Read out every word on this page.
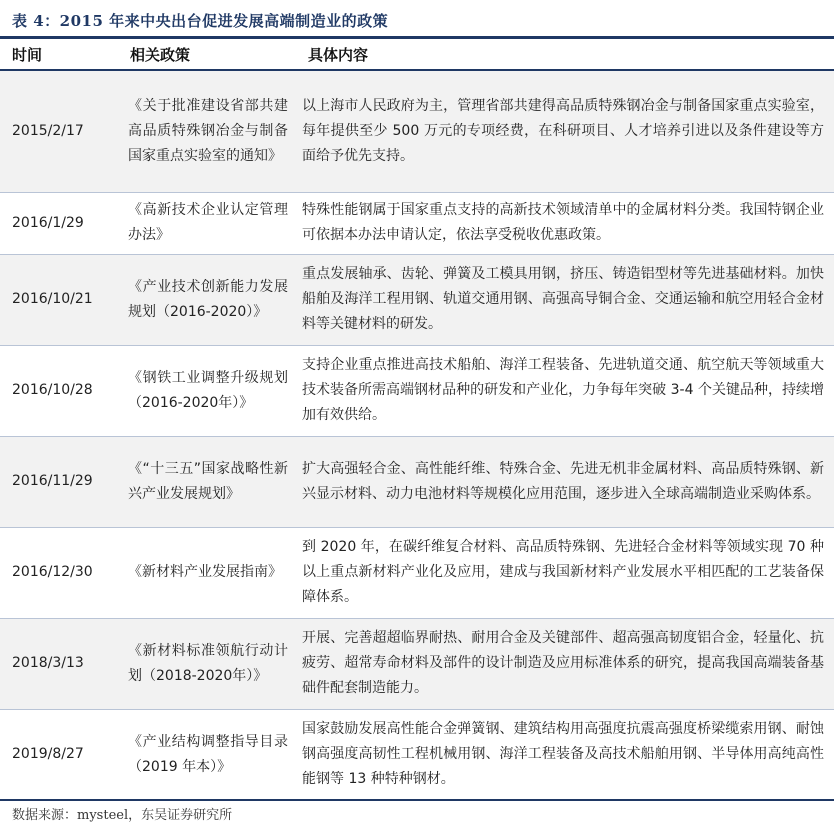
表 4：2015 年来中央出台促进发展高端制造业的政策
时间	相关政策	具体内容
2015/2/17	《关于批准建设省部共建高品质特殊钢冶金与制备国家重点实验室的通知》	以上海市人民政府为主，管理省部共建得高品质特殊钢冶金与制备国家重点实验室，每年提供至少 500 万元的专项经费，在科研项目、人才培养引进以及条件建设等方面给予优先支持。

2016/1/29	《高新技术企业认定管理办法》	特殊性能钢属于国家重点支持的高新技术领域清单中的金属材料分类。我国特钢企业可依据本办法申请认定，依法享受税收优惠政策。

2016/10/21	《产业技术创新能力发展规划（2016-2020）》	重点发展轴承、齿轮、弹簧及工模具用钢，挤压、铸造铝型材等先进基础材料。加快船舶及海洋工程用钢、轨道交通用钢、高强高导铜合金、交通运输和航空用轻合金材料等关键材料的研发。

2016/10/28	《钢铁工业调整升级规划（2016-2020年）》	支持企业重点推进高技术船舶、海洋工程装备、先进轨道交通、航空航天等领域重大技术装备所需高端钢材品种的研发和产业化，力争每年突破 3-4 个关键品种，持续增加有效供给。

2016/11/29	《“十三五”国家战略性新兴产业发展规划》	扩大高强轻合金、高性能纤维、特殊合金、先进无机非金属材料、高品质特殊钢、新兴显示材料、动力电池材料等规模化应用范围，逐步进入全球高端制造业采购体系。

2016/12/30	《新材料产业发展指南》	到 2020 年，在碳纤维复合材料、高品质特殊钢、先进轻合金材料等领域实现 70 种以上重点新材料产业化及应用，建成与我国新材料产业发展水平相匹配的工艺装备保障体系。

2018/3/13	《新材料标准领航行动计划（2018-2020年）》	开展、完善超超临界耐热、耐用合金及关键部件、超高强高韧度铝合金，轻量化、抗疲劳、超常寿命材料及部件的设计制造及应用标准体系的研究，提高我国高端装备基础件配套制造能力。

2019/8/27	《产业结构调整指导目录（2019 年本）》	国家鼓励发展高性能合金弹簧钢、建筑结构用高强度抗震高强度桥梁缆索用钢、耐蚀钢高强度高韧性工程机械用钢、海洋工程装备及高技术船舶用钢、半导体用高纯高性能钢等 13 种特种钢材。
数据来源：mysteel，东吴证券研究所
